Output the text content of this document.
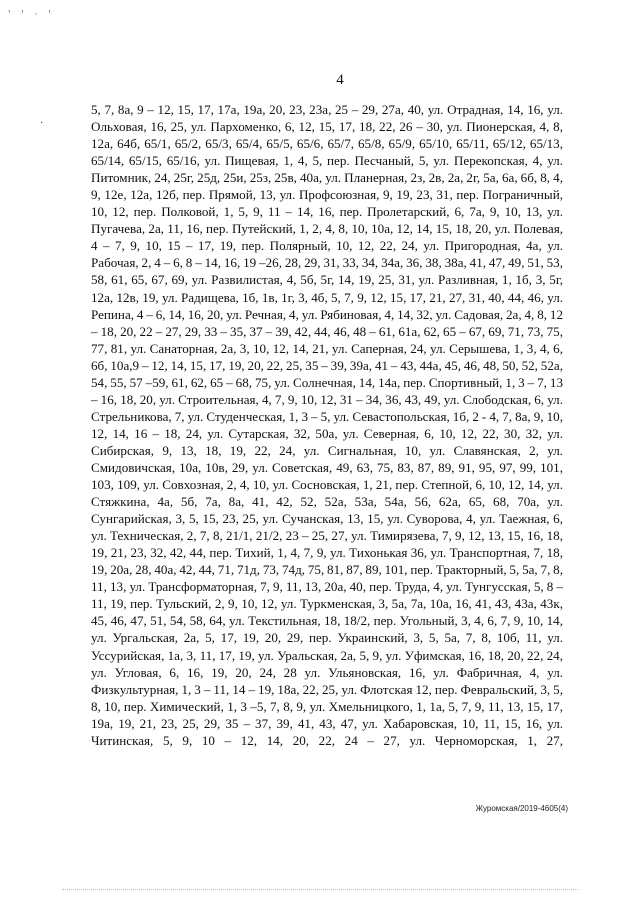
' ' · '
·
4
5, 7, 8а, 9 – 12, 15, 17, 17а, 19а, 20, 23, 23а, 25 – 29, 27а, 40, ул. Отрадная, 14, 16, ул. Ольховая, 16, 25, ул. Пархоменко, 6, 12, 15, 17, 18, 22, 26 – 30, ул. Пионерская, 4, 8, 12а, 64б, 65/1, 65/2, 65/3, 65/4, 65/5, 65/6, 65/7, 65/8, 65/9, 65/10, 65/11, 65/12, 65/13, 65/14, 65/15, 65/16, ул. Пищевая, 1, 4, 5, пер. Песчаный, 5, ул. Перекопская, 4, ул. Питомник, 24, 25г, 25д, 25и, 25з, 25в, 40а, ул. Планерная, 2з, 2в, 2а, 2г, 5а, 6а, 6б, 8, 4, 9, 12е, 12а, 12б, пер. Прямой, 13, ул. Профсоюзная, 9, 19, 23, 31, пер. Пограничный, 10, 12, пер. Полковой, 1, 5, 9, 11 – 14, 16, пер. Пролетарский, 6, 7а, 9, 10, 13, ул. Пугачева, 2а, 11, 16, пер. Путейский, 1, 2, 4, 8, 10, 10а, 12, 14, 15, 18, 20, ул. Полевая, 4 – 7, 9, 10, 15 – 17, 19, пер. Полярный, 10, 12, 22, 24, ул. Пригородная, 4а, ул. Рабочая, 2, 4 – 6, 8 – 14, 16, 19 –26, 28, 29, 31, 33, 34, 34а, 36, 38, 38а, 41, 47, 49, 51, 53, 58, 61, 65, 67, 69, ул. Развилистая, 4, 5б, 5г, 14, 19, 25, 31, ул. Разливная, 1, 1б, 3, 5г, 12а, 12в, 19, ул. Радищева, 1б, 1в, 1г, 3, 4б, 5, 7, 9, 12, 15, 17, 21, 27, 31, 40, 44, 46, ул. Репина, 4 – 6, 14, 16, 20, ул. Речная, 4, ул. Рябиновая, 4, 14, 32, ул. Садовая, 2а, 4, 8, 12 – 18, 20, 22 – 27, 29, 33 – 35, 37 – 39, 42, 44, 46, 48 – 61, 61а, 62, 65 – 67, 69, 71, 73, 75, 77, 81, ул. Санаторная, 2а, 3, 10, 12, 14, 21, ул. Саперная, 24, ул. Серышева, 1, 3, 4, 6, 6б, 10а,9 – 12, 14, 15, 17, 19, 20, 22, 25, 35 – 39, 39а, 41 – 43, 44а, 45, 46, 48, 50, 52, 52а, 54, 55, 57 –59, 61, 62, 65 – 68, 75, ул. Солнечная, 14, 14а, пер. Спортивный, 1, 3 – 7, 13 – 16, 18, 20, ул. Строительная, 4, 7, 9, 10, 12, 31 – 34, 36, 43, 49, ул. Слободская, 6, ул. Стрельникова, 7, ул. Студенческая, 1, 3 – 5, ул. Севастопольская, 1б, 2 - 4, 7, 8а, 9, 10, 12, 14, 16 – 18, 24, ул. Сутарская, 32, 50а, ул. Северная, 6, 10, 12, 22, 30, 32, ул. Сибирская, 9, 13, 18, 19, 22, 24, ул. Сигнальная, 10, ул. Славянская, 2, ул. Смидовичская, 10а, 10в, 29, ул. Советская, 49, 63, 75, 83, 87, 89, 91, 95, 97, 99, 101, 103, 109, ул. Совхозная, 2, 4, 10, ул. Сосновская, 1, 21, пер. Степной, 6, 10, 12, 14, ул. Стяжкина, 4а, 5б, 7а, 8а, 41, 42, 52, 52а, 53а, 54а, 56, 62а, 65, 68, 70а, ул. Сунгарийская, 3, 5, 15, 23, 25, ул. Сучанская, 13, 15, ул. Суворова, 4, ул. Таежная, 6, ул. Техническая, 2, 7, 8, 21/1, 21/2, 23 – 25, 27, ул. Тимирязева, 7, 9, 12, 13, 15, 16, 18, 19, 21, 23, 32, 42, 44, пер. Тихий, 1, 4, 7, 9, ул. Тихонькая 36, ул. Транспортная, 7, 18, 19, 20а, 28, 40а, 42, 44, 71, 71д, 73, 74д, 75, 81, 87, 89, 101, пер. Тракторный, 5, 5а, 7, 8, 11, 13, ул. Трансформаторная, 7, 9, 11, 13, 20а, 40, пер. Труда, 4, ул. Тунгусская, 5, 8 – 11, 19, пер. Тульский, 2, 9, 10, 12, ул. Туркменская, 3, 5а, 7а, 10а, 16, 41, 43, 43а, 43к, 45, 46, 47, 51, 54, 58, 64, ул. Текстильная, 18, 18/2, пер. Угольный, 3, 4, 6, 7, 9, 10, 14, ул. Ургальская, 2а, 5, 17, 19, 20, 29, пер. Украинский, 3, 5, 5а, 7, 8, 10б, 11, ул. Уссурийская, 1а, 3, 11, 17, 19, ул. Уральская, 2а, 5, 9, ул. Уфимская, 16, 18, 20, 22, 24, ул. Угловая, 6, 16, 19, 20, 24, 28 ул. Ульяновская, 16, ул. Фабричная, 4, ул. Физкультурная, 1, 3 – 11, 14 – 19, 18а, 22, 25, ул. Флотская 12, пер. Февральский, 3, 5, 8, 10, пер. Химический, 1, 3 –5, 7, 8, 9, ул. Хмельницкого, 1, 1а, 5, 7, 9, 11, 13, 15, 17, 19а, 19, 21, 23, 25, 29, 35 – 37, 39, 41, 43, 47, ул. Хабаровская, 10, 11, 15, 16, ул. Читинская, 5, 9, 10 – 12, 14, 20, 22, 24 – 27, ул. Черноморская, 1, 27,
Журомская/2019-4605(4)
